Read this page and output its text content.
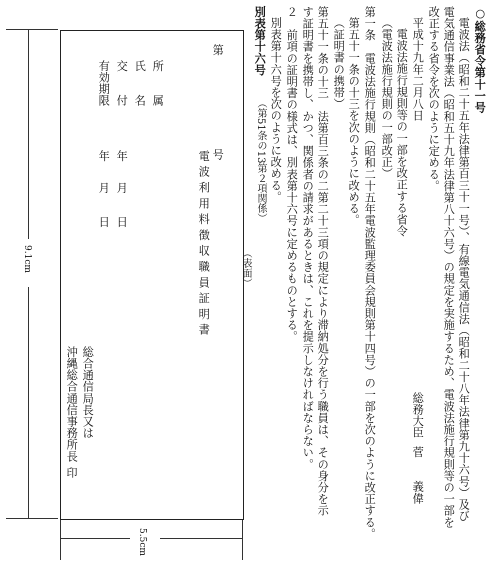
○総務省令第十一号
電波法（昭和二十五年法律第百三十一号）、有線電気通信法（昭和二十八年法律第九十六号）及び
電気通信事業法（昭和五十九年法律第八十六号）の規定を実施するため、電波法施行規則等の一部を
改正する省令を次のように定める。
平成十九年二月八日
総務大臣
菅　　義偉
電波法施行規則等の一部を改正する省令
（電波法施行規則の一部改正）
第一条　電波法施行規則（昭和二十五年電波監理委員会規則第十四号）の一部を次のように改正する。
第五十一条の十三を次のように改める。
（証明書の携帯）
第五十一条の十三　法第百三条の二第二十三項の規定により滞納処分を行う職員は、その身分を示
す証明書を携帯し、かつ、関係者の請求があるときは、これを提示しなければならない。
２　前項の証明書の様式は、別表第十六号に定めるものとする。
別表第十六号を次のように改める。
別表第十六号
（第51条の13第２項関係）
（表面）
第　　　　　　　　号
電波利用料徴収職員証明書
所　　属
氏　　名
交　　付
有効期限
年
月
日
年
月
日
総合通信局長又は
沖縄総合通信事務所長
印
9.1cm
5.5cm
